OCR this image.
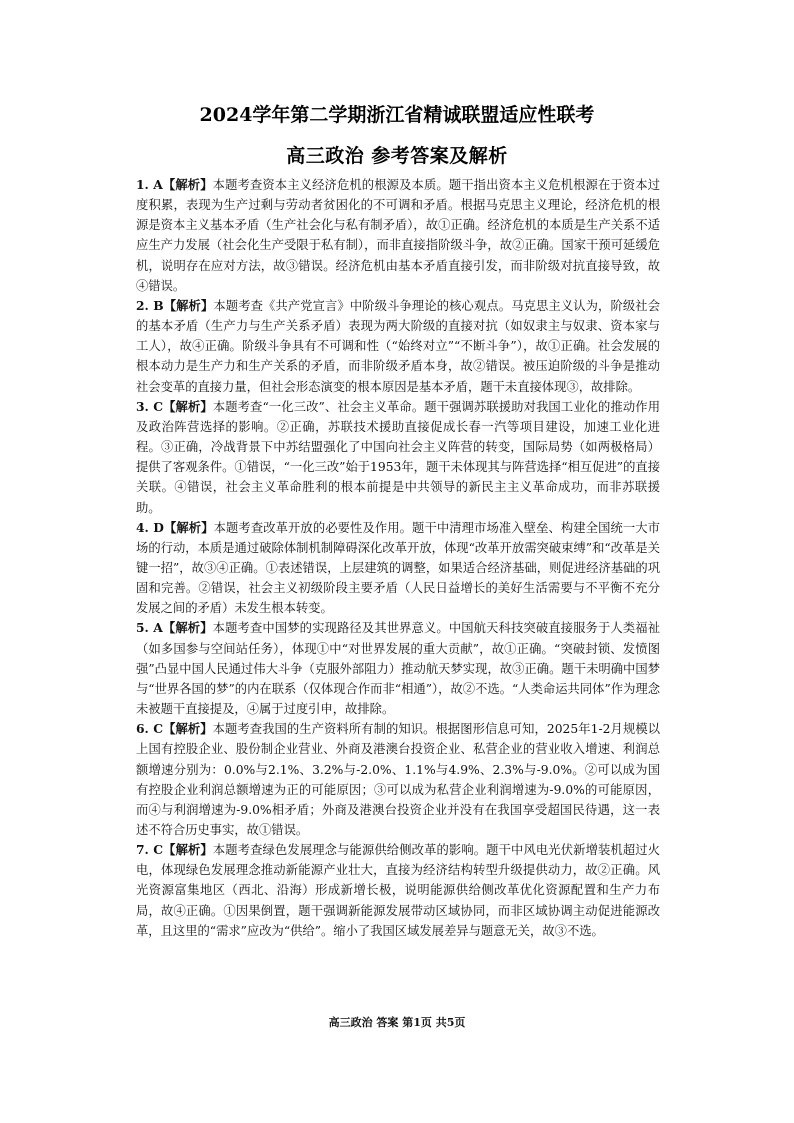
2024学年第二学期浙江省精诚联盟适应性联考
高三政治 参考答案及解析

1. A【解析】本题考查资本主义经济危机的根源及本质。题干指出资本主义危机根源在于资本过度积累，表现为生产过剩与劳动者贫困化的不可调和矛盾。根据马克思主义理论，经济危机的根源是资本主义基本矛盾（生产社会化与私有制矛盾），故①正确。经济危机的本质是生产关系不适应生产力发展（社会化生产受限于私有制），而非直接指阶级斗争，故②正确。国家干预可延缓危机，说明存在应对方法，故③错误。经济危机由基本矛盾直接引发，而非阶级对抗直接导致，故④错误。

2. B【解析】本题考查《共产党宣言》中阶级斗争理论的核心观点。马克思主义认为，阶级社会的基本矛盾（生产力与生产关系矛盾）表现为两大阶级的直接对抗（如奴隶主与奴隶、资本家与工人），故④正确。阶级斗争具有不可调和性（“始终对立”“不断斗争”），故①正确。社会发展的根本动力是生产力和生产关系的矛盾，而非阶级矛盾本身，故②错误。被压迫阶级的斗争是推动社会变革的直接力量，但社会形态演变的根本原因是基本矛盾，题干未直接体现③，故排除。

3. C【解析】本题考查“一化三改”、社会主义革命。题干强调苏联援助对我国工业化的推动作用及政治阵营选择的影响。②正确，苏联技术援助直接促成长春一汽等项目建设，加速工业化进程。③正确，冷战背景下中苏结盟强化了中国向社会主义阵营的转变，国际局势（如两极格局）提供了客观条件。①错误，“一化三改”始于1953年，题干未体现其与阵营选择“相互促进”的直接关联。④错误，社会主义革命胜利的根本前提是中共领导的新民主主义革命成功，而非苏联援助。

4. D【解析】本题考查改革开放的必要性及作用。题干中清理市场准入壁垒、构建全国统一大市场的行动，本质是通过破除体制机制障碍深化改革开放，体现“改革开放需突破束缚”和“改革是关键一招”，故③④正确。①表述错误，上层建筑的调整，如果适合经济基础，则促进经济基础的巩固和完善。②错误，社会主义初级阶段主要矛盾（人民日益增长的美好生活需要与不平衡不充分发展之间的矛盾）未发生根本转变。

5. A【解析】本题考查中国梦的实现路径及其世界意义。中国航天科技突破直接服务于人类福祉（如多国参与空间站任务），体现①中“对世界发展的重大贡献”，故①正确。“突破封锁、发愤图强”凸显中国人民通过伟大斗争（克服外部阻力）推动航天梦实现，故③正确。题干未明确中国梦与“世界各国的梦”的内在联系（仅体现合作而非“相通”），故②不选。“人类命运共同体”作为理念未被题干直接提及，④属于过度引申，故排除。

6. C【解析】本题考查我国的生产资料所有制的知识。根据图形信息可知，2025年1-2月规模以上国有控股企业、股份制企业营业、外商及港澳台投资企业、私营企业的营业收入增速、利润总额增速分别为：0.0%与2.1%、3.2%与-2.0%、1.1%与4.9%、2.3%与-9.0%。②可以成为国有控股企业利润总额增速为正的可能原因；③可以成为私营企业利润增速为-9.0%的可能原因，而④与利润增速为-9.0%相矛盾；外商及港澳台投资企业并没有在我国享受超国民待遇，这一表述不符合历史事实，故①错误。

7. C【解析】本题考查绿色发展理念与能源供给侧改革的影响。题干中风电光伏新增装机超过火电，体现绿色发展理念推动新能源产业壮大，直接为经济结构转型升级提供动力，故②正确。风光资源富集地区（西北、沿海）形成新增长极，说明能源供给侧改革优化资源配置和生产力布局，故④正确。①因果倒置，题干强调新能源发展带动区域协同，而非区域协调主动促进能源改革，且这里的“需求”应改为“供给”。缩小了我国区域发展差异与题意无关，故③不选。

高三政治 答案 第1页 共5页
